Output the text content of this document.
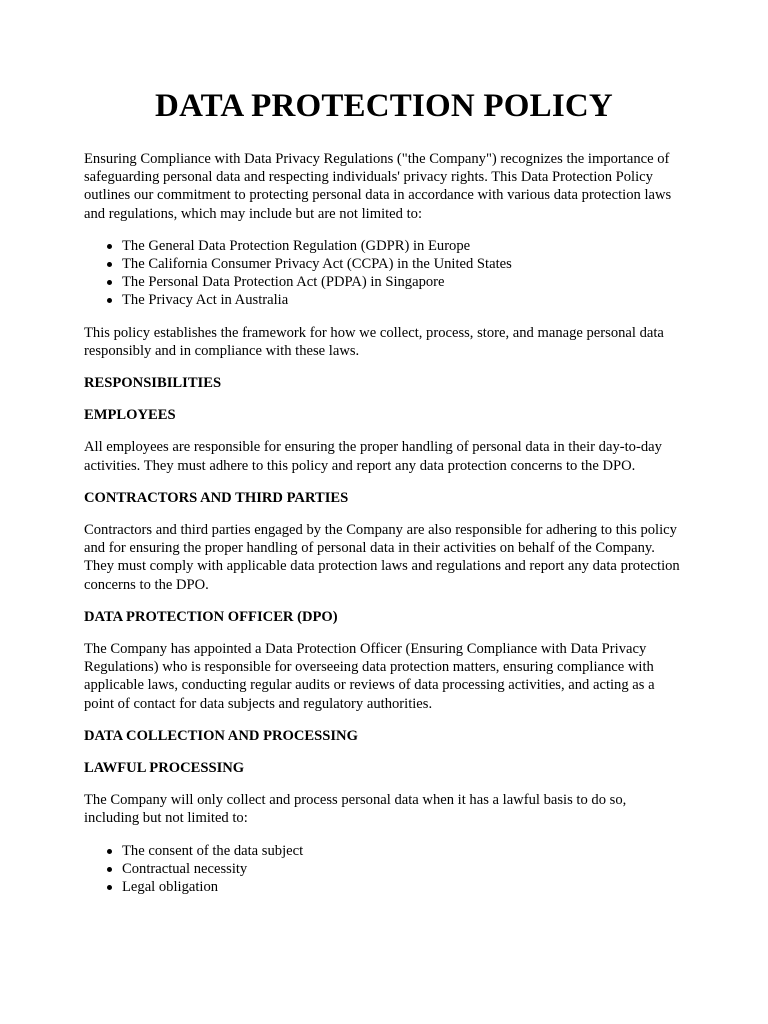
DATA PROTECTION POLICY

Ensuring Compliance with Data Privacy Regulations ("the Company") recognizes the importance of safeguarding personal data and respecting individuals' privacy rights. This Data Protection Policy outlines our commitment to protecting personal data in accordance with various data protection laws and regulations, which may include but are not limited to:

The General Data Protection Regulation (GDPR) in Europe
The California Consumer Privacy Act (CCPA) in the United States
The Personal Data Protection Act (PDPA) in Singapore
The Privacy Act in Australia

This policy establishes the framework for how we collect, process, store, and manage personal data responsibly and in compliance with these laws.

RESPONSIBILITIES
EMPLOYEES

All employees are responsible for ensuring the proper handling of personal data in their day-to-day activities. They must adhere to this policy and report any data protection concerns to the DPO.

CONTRACTORS AND THIRD PARTIES

Contractors and third parties engaged by the Company are also responsible for adhering to this policy and for ensuring the proper handling of personal data in their activities on behalf of the Company. They must comply with applicable data protection laws and regulations and report any data protection concerns to the DPO.

DATA PROTECTION OFFICER (DPO)

The Company has appointed a Data Protection Officer (Ensuring Compliance with Data Privacy Regulations) who is responsible for overseeing data protection matters, ensuring compliance with applicable laws, conducting regular audits or reviews of data processing activities, and acting as a point of contact for data subjects and regulatory authorities.

DATA COLLECTION AND PROCESSING
LAWFUL PROCESSING

The Company will only collect and process personal data when it has a lawful basis to do so, including but not limited to:

The consent of the data subject
Contractual necessity
Legal obligation
